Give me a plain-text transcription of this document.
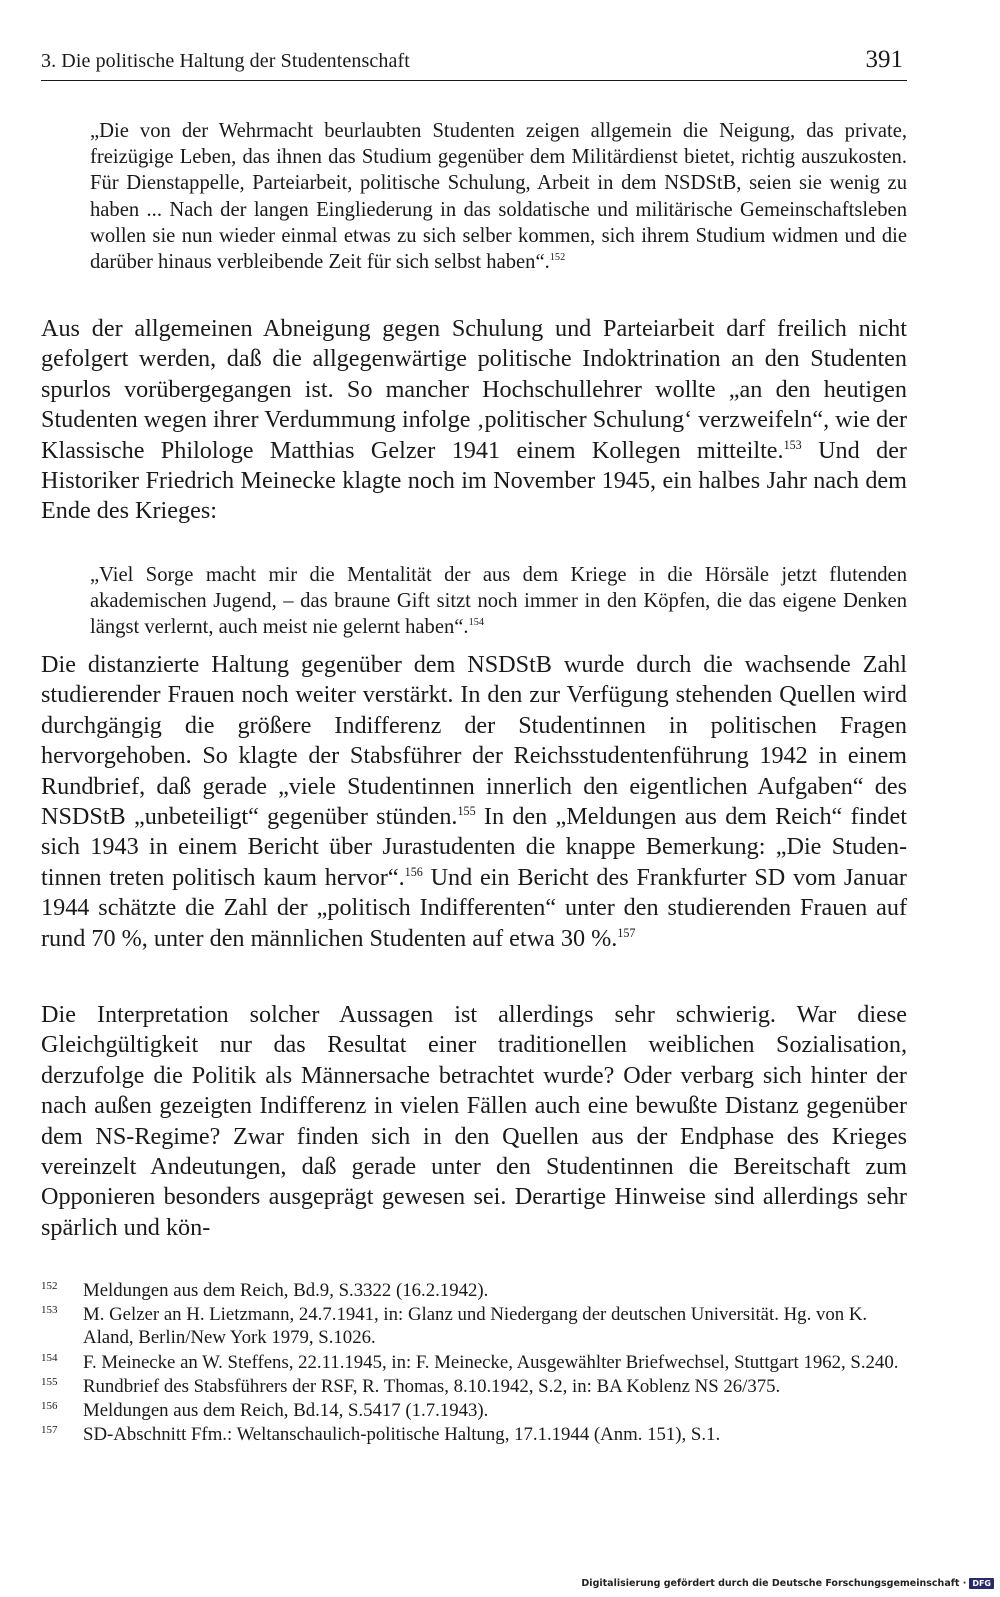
3. Die politische Haltung der Studentenschaft	391
„Die von der Wehrmacht beurlaubten Studenten zeigen allgemein die Neigung, das private, freizügige Leben, das ihnen das Studium gegenüber dem Militärdienst bietet, richtig auszukosten. Für Dienstappelle, Parteiarbeit, politische Schulung, Arbeit in dem NSDStB, seien sie wenig zu haben ... Nach der langen Eingliederung in das soldatische und militärische Gemeinschaftsleben wollen sie nun wieder einmal etwas zu sich selber kommen, sich ihrem Studium widmen und die darüber hinaus verbleibende Zeit für sich selbst haben“.$^{152}$

Aus der allgemeinen Abneigung gegen Schulung und Parteiarbeit darf freilich nicht gefolgert werden, daß die allgegenwärtige politische Indoktrination an den Studenten spurlos vorübergegangen ist. So mancher Hochschullehrer wollte „an den heutigen Studenten wegen ihrer Verdummung infolge ‚politischer Schulung‘ verzweifeln“, wie der Klassische Philologe Matthias Gelzer 1941 einem Kollegen mitteilte.$^{153}$ Und der Historiker Friedrich Meinecke klagte noch im November 1945, ein halbes Jahr nach dem Ende des Krieges:

„Viel Sorge macht mir die Mentalität der aus dem Kriege in die Hörsäle jetzt flutenden akademischen Jugend, – das braune Gift sitzt noch immer in den Köpfen, die das eigene Denken längst verlernt, auch meist nie gelernt haben“.$^{154}$

Die distanzierte Haltung gegenüber dem NSDStB wurde durch die wachsende Zahl studierender Frauen noch weiter verstärkt. In den zur Verfügung stehenden Quellen wird durchgängig die größere Indifferenz der Studentinnen in politischen Fragen hervorgehoben. So klagte der Stabsführer der Reichsstudentenführung 1942 in einem Rundbrief, daß gerade „viele Studentinnen innerlich den eigentlichen Aufgaben“ des NSDStB „unbeteiligt“ gegenüber stünden.$^{155}$ In den „Meldungen aus dem Reich“ findet sich 1943 in einem Bericht über Jurastudenten die knappe Bemerkung: „Die Studentinnen treten politisch kaum hervor“.$^{156}$ Und ein Bericht des Frankfurter SD vom Januar 1944 schätzte die Zahl der „politisch Indifferenten“ unter den studierenden Frauen auf rund 70 %, unter den männlichen Studenten auf etwa 30 %.$^{157}$

Die Interpretation solcher Aussagen ist allerdings sehr schwierig. War diese Gleichgültigkeit nur das Resultat einer traditionellen weiblichen Sozialisation, derzufolge die Politik als Männersache betrachtet wurde? Oder verbarg sich hinter der nach außen gezeigten Indifferenz in vielen Fällen auch eine bewußte Distanz gegenüber dem NS-Regime? Zwar finden sich in den Quellen aus der Endphase des Krieges vereinzelt Andeutungen, daß gerade unter den Studentinnen die Bereitschaft zum Opponieren besonders ausgeprägt gewesen sei. Derartige Hinweise sind allerdings sehr spärlich und kön-

152 Meldungen aus dem Reich, Bd.9, S.3322 (16.2.1942).
153 M. Gelzer an H. Lietzmann, 24.7.1941, in: Glanz und Niedergang der deutschen Universität. Hg. von K. Aland, Berlin/New York 1979, S.1026.
154 F. Meinecke an W. Steffens, 22.11.1945, in: F. Meinecke, Ausgewählter Briefwechsel, Stuttgart 1962, S.240.
155 Rundbrief des Stabsführers der RSF, R. Thomas, 8.10.1942, S.2, in: BA Koblenz NS 26/375.
156 Meldungen aus dem Reich, Bd.14, S.5417 (1.7.1943).
157 SD-Abschnitt Ffm.: Weltanschaulich-politische Haltung, 17.1.1944 (Anm. 151), S.1.
Digitalisierung gefördert durch die Deutsche Forschungsgemeinschaft · DFG
